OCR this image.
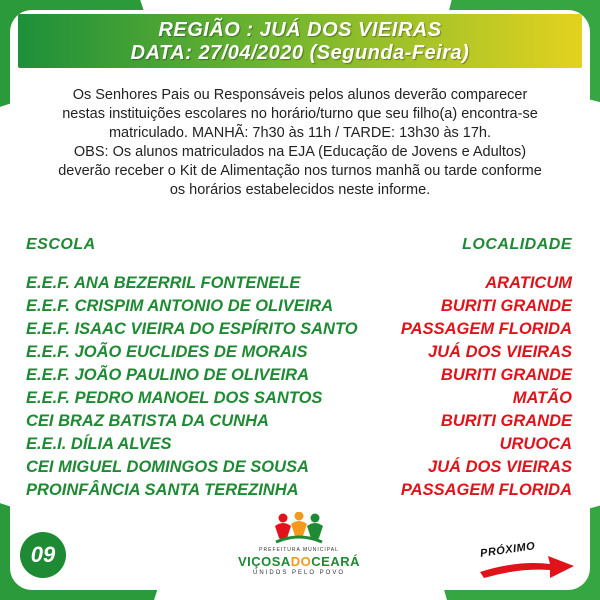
REGIÃO : JUÁ DOS VIEIRAS
DATA: 27/04/2020 (Segunda-Feira)
Os Senhores Pais ou Responsáveis pelos alunos deverão comparecer
nestas instituições escolares no horário/turno que seu filho(a) encontra-se
matriculado. MANHÃ: 7h30 às 11h / TARDE: 13h30 às 17h.
OBS: Os alunos matriculados na EJA (Educação de Jovens e Adultos)
deverão receber o Kit de Alimentação nos turnos manhã ou tarde conforme
os horários estabelecidos neste informe.
ESCOLA	LOCALIDADE
E.E.F. ANA BEZERRIL FONTENELE	ARATICUM
E.E.F. CRISPIM ANTONIO DE OLIVEIRA	BURITI GRANDE
E.E.F. ISAAC VIEIRA DO ESPÍRITO SANTO	PASSAGEM FLORIDA
E.E.F. JOÃO EUCLIDES DE MORAIS	JUÁ DOS VIEIRAS
E.E.F. JOÃO PAULINO DE OLIVEIRA	BURITI GRANDE
E.E.F. PEDRO MANOEL DOS SANTOS	MATÃO
CEI BRAZ BATISTA DA CUNHA	BURITI GRANDE
E.E.I. DÍLIA ALVES	URUOCA
CEI MIGUEL DOMINGOS DE SOUSA	JUÁ DOS VIEIRAS
PROINFÂNCIA SANTA TEREZINHA	PASSAGEM FLORIDA
09	PREFEITURA MUNICIPAL
VIÇOSADOCEARÁ
UNIDOS PELO POVO
PRÓXIMO
